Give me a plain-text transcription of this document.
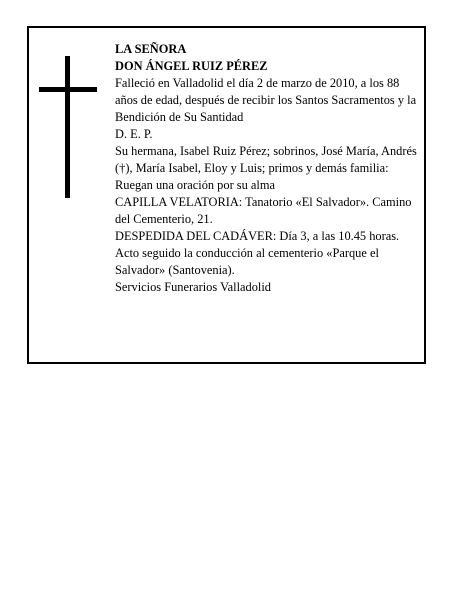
LA SEÑORA

DON ÁNGEL RUIZ PÉREZ

Falleció en Valladolid el día 2 de marzo de 2010, a los 88 años de edad, después de recibir los Santos Sacramentos y la Bendición de Su Santidad

D. E. P.

Su hermana, Isabel Ruiz Pérez; sobrinos, José María, Andrés (†), María Isabel, Eloy y Luis; primos y demás familia:

Ruegan una oración por su alma

CAPILLA VELATORIA: Tanatorio «El Salvador». Camino del Cementerio, 21.

DESPEDIDA DEL CADÁVER: Día 3, a las 10.45 horas. Acto seguido la conducción al cementerio «Parque el Salvador» (Santovenia).

Servicios Funerarios Valladolid
